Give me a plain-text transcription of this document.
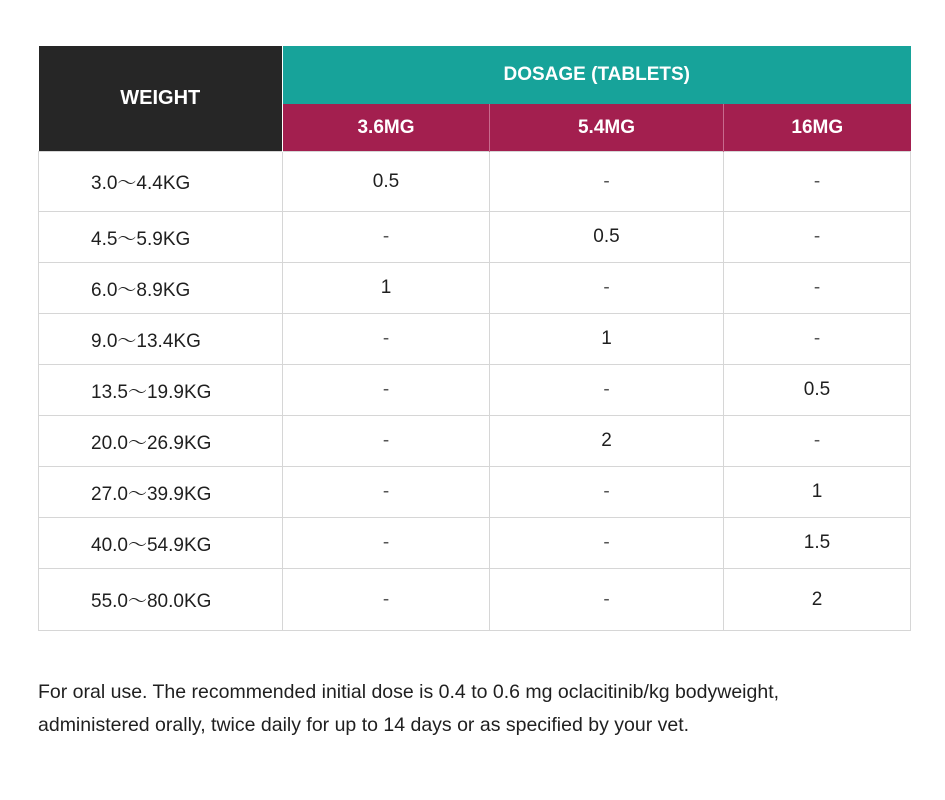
WEIGHT	DOSAGE (TABLETS)		
	3.6MG	5.4MG	16MG
3.0〜4.4KG	0.5	-	-
4.5〜5.9KG	-	0.5	-
6.0〜8.9KG	1	-	-
9.0〜13.4KG	-	1	-
13.5〜19.9KG	-	-	0.5
20.0〜26.9KG	-	2	-
27.0〜39.9KG	-	-	1
40.0〜54.9KG	-	-	1.5
55.0〜80.0KG	-	-	2

For oral use. The recommended initial dose is 0.4 to 0.6 mg oclacitinib/kg bodyweight,
administered orally, twice daily for up to 14 days or as specified by your vet.
